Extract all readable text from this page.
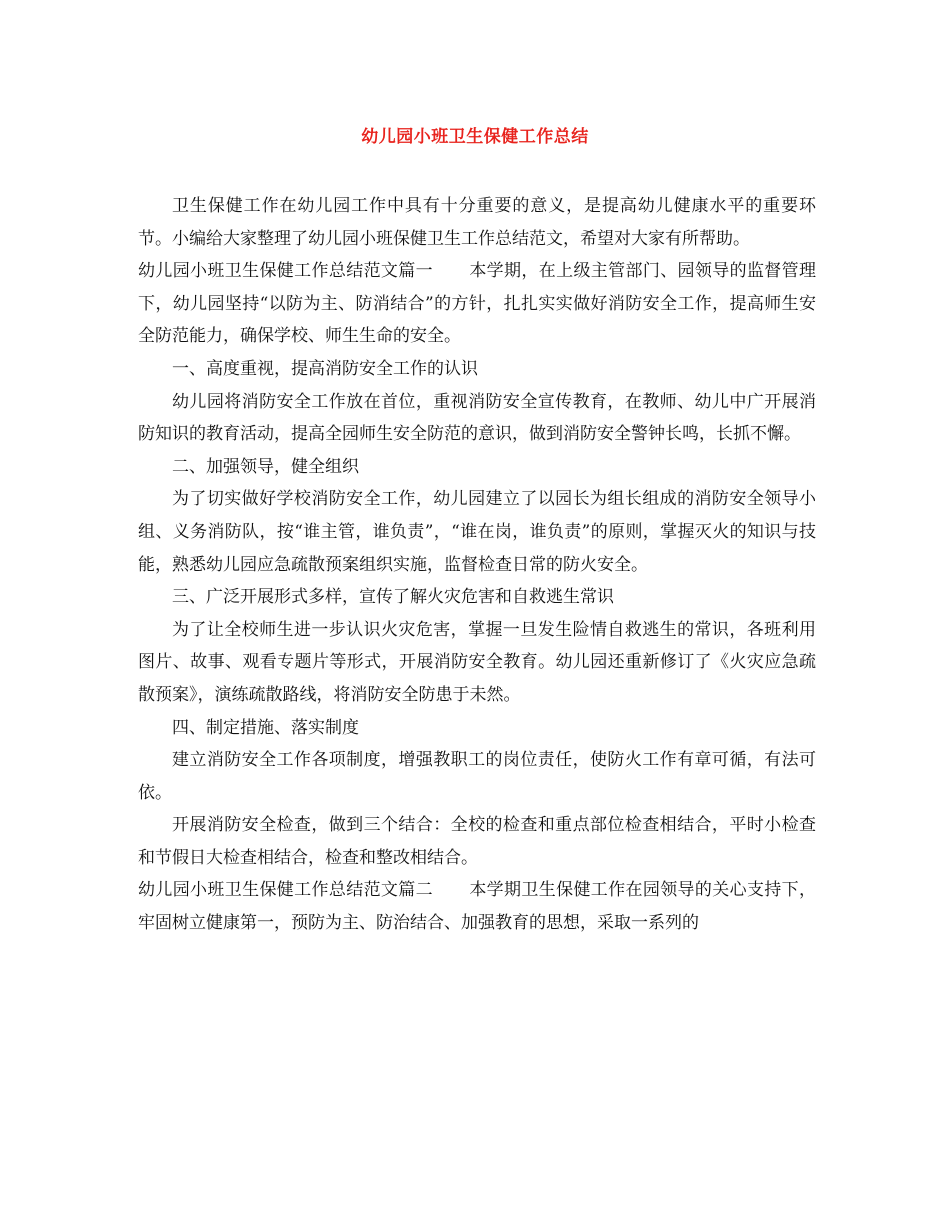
幼儿园小班卫生保健工作总结

卫生保健工作在幼儿园工作中具有十分重要的意义，是提高幼儿健康水平的重要环节。小编给大家整理了幼儿园小班保健卫生工作总结范文，希望对大家有所帮助。

幼儿园小班卫生保健工作总结范文篇一 本学期，在上级主管部门、园领导的监督管理下，幼儿园坚持“以防为主、防消结合”的方针，扎扎实实做好消防安全工作，提高师生安全防范能力，确保学校、师生生命的安全。

一、高度重视，提高消防安全工作的认识

幼儿园将消防安全工作放在首位，重视消防安全宣传教育，在教师、幼儿中广开展消防知识的教育活动，提高全园师生安全防范的意识，做到消防安全警钟长鸣，长抓不懈。

二、加强领导，健全组织

为了切实做好学校消防安全工作，幼儿园建立了以园长为组长组成的消防安全领导小组、义务消防队，按“谁主管，谁负责”，“谁在岗，谁负责”的原则，掌握灭火的知识与技能，熟悉幼儿园应急疏散预案组织实施，监督检查日常的防火安全。

三、广泛开展形式多样，宣传了解火灾危害和自救逃生常识

为了让全校师生进一步认识火灾危害，掌握一旦发生险情自救逃生的常识，各班利用图片、故事、观看专题片等形式，开展消防安全教育。幼儿园还重新修订了《火灾应急疏散预案》，演练疏散路线，将消防安全防患于未然。

四、制定措施、落实制度

建立消防安全工作各项制度，增强教职工的岗位责任，使防火工作有章可循，有法可依。

开展消防安全检查，做到三个结合：全校的检查和重点部位检查相结合，平时小检查和节假日大检查相结合，检查和整改相结合。

幼儿园小班卫生保健工作总结范文篇二 本学期卫生保健工作在园领导的关心支持下，牢固树立健康第一，预防为主、防治结合、加强教育的思想，采取一系列的
